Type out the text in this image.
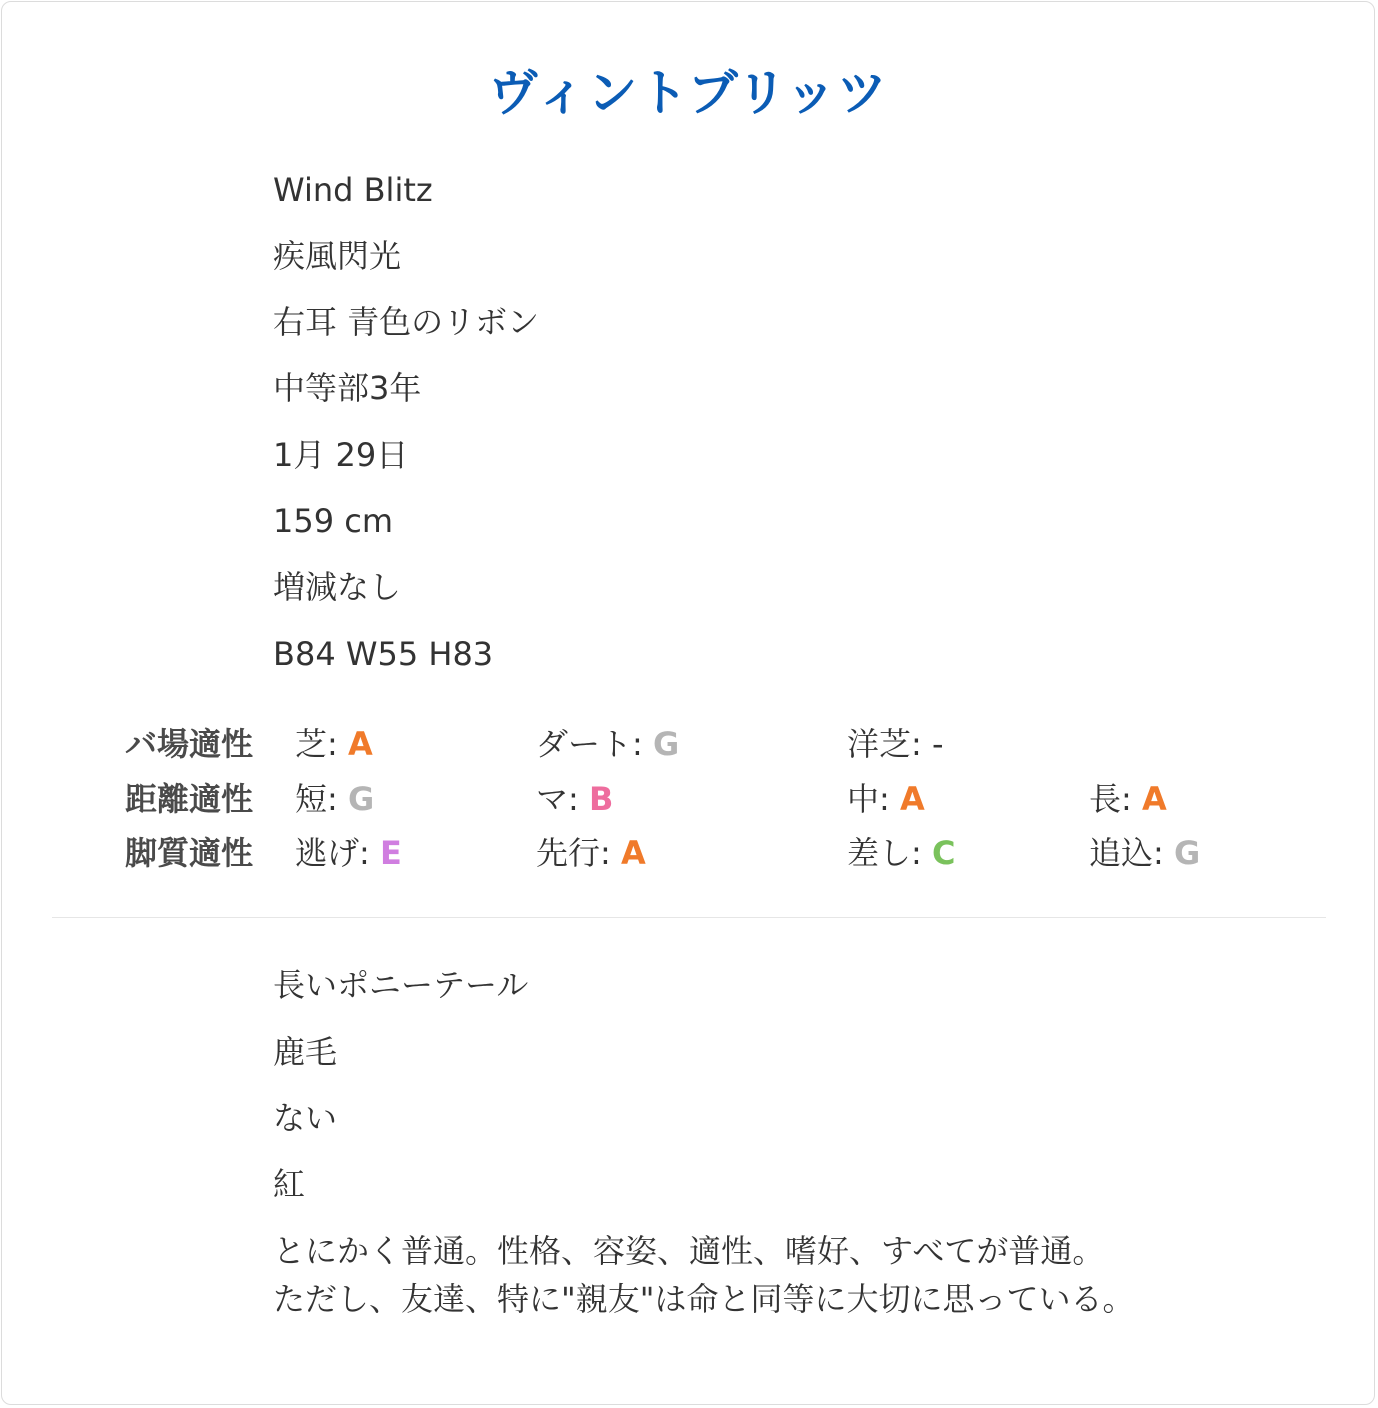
ヴィントブリッツ
Wind Blitz
疾風閃光
右耳 青色のリボン
中等部3年
1月 29日
159 cm
増減なし
B84 W55 H83
バ場適性 芝: A	ダート: G	洋芝: -
距離適性 短: G	マ: B	中: A	長: A
脚質適性 逃げ: E	先行: A	差し: C	追込: G
長いポニーテール
鹿毛
ない
紅
とにかく普通。性格、容姿、適性、嗜好、すべてが普通。
ただし、友達、特に"親友"は命と同等に大切に思っている。
